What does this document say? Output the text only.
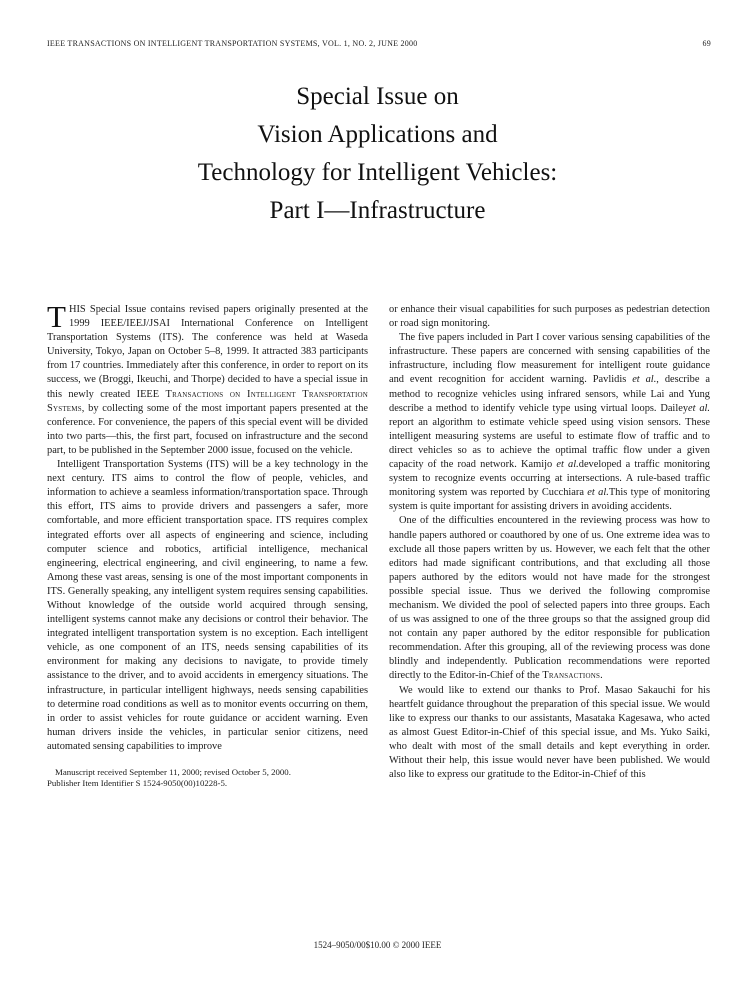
IEEE TRANSACTIONS ON INTELLIGENT TRANSPORTATION SYSTEMS, VOL. 1, NO. 2, JUNE 2000	69
Special Issue on
Vision Applications and
Technology for Intelligent Vehicles:
Part I—Infrastructure

THIS Special Issue contains revised papers originally presented at the 1999 IEEE/IEEJ/JSAI International Conference on Intelligent Transportation Systems (ITS). The conference was held at Waseda University, Tokyo, Japan on October 5–8, 1999. It attracted 383 participants from 17 countries. Immediately after this conference, in order to report on its success, we (Broggi, Ikeuchi, and Thorpe) decided to have a special issue in this newly created IEEE Transactions on Intelligent Transportation Systems, by collecting some of the most important papers presented at the conference. For convenience, the papers of this special event will be divided into two parts—this, the first part, focused on infrastructure and the second part, to be published in the September 2000 issue, focused on the vehicle.

Intelligent Transportation Systems (ITS) will be a key technology in the next century. ITS aims to control the flow of people, vehicles, and information to achieve a seamless information/transportation space. Through this effort, ITS aims to provide drivers and passengers a safer, more comfortable, and more efficient transportation space. ITS requires complex integrated efforts over all aspects of engineering and science, including computer science and robotics, artificial intelligence, mechanical engineering, electrical engineering, and civil engineering, to name a few. Among these vast areas, sensing is one of the most important components in ITS. Generally speaking, any intelligent system requires sensing capabilities. Without knowledge of the outside world acquired through sensing, intelligent systems cannot make any decisions or control their behavior. The integrated intelligent transportation system is no exception. Each intelligent vehicle, as one component of an ITS, needs sensing capabilities of its environment for making any decisions to navigate, to provide timely assistance to the driver, and to avoid accidents in emergency situations. The infrastructure, in particular intelligent highways, needs sensing capabilities to determine road conditions as well as to monitor events occurring on them, in order to assist vehicles for route guidance or accident warning. Even human drivers inside the vehicles, in particular senior citizens, need automated sensing capabilities to improve

Manuscript received September 11, 2000; revised October 5, 2000.
Publisher Item Identifier S 1524-9050(00)10228-5.

or enhance their visual capabilities for such purposes as pedestrian detection or road sign monitoring.

The five papers included in Part I cover various sensing capabilities of the infrastructure. These papers are concerned with sensing capabilities of the infrastructure, including flow measurement for intelligent route guidance and event recognition for accident warning. Pavlidis et al., describe a method to recognize vehicles using infrared sensors, while Lai and Yung describe a method to identify vehicle type using virtual loops. Daileyet al. report an algorithm to estimate vehicle speed using vision sensors. These intelligent measuring systems are useful to estimate flow of traffic and to direct vehicles so as to achieve the optimal traffic flow under a given capacity of the road network. Kamijo et al.developed a traffic monitoring system to recognize events occurring at intersections. A rule-based traffic monitoring system was reported by Cucchiara et al.This type of monitoring system is quite important for assisting drivers in avoiding accidents.

One of the difficulties encountered in the reviewing process was how to handle papers authored or coauthored by one of us. One extreme idea was to exclude all those papers written by us. However, we each felt that the other editors had made significant contributions, and that excluding all those papers authored by the editors would not have made for the strongest possible special issue. Thus we derived the following compromise mechanism. We divided the pool of selected papers into three groups. Each of us was assigned to one of the three groups so that the assigned group did not contain any paper authored by the editor responsible for publication recommendation. After this grouping, all of the reviewing process was done blindly and independently. Publication recommendations were reported directly to the Editor-in-Chief of the Transactions.

We would like to extend our thanks to Prof. Masao Sakauchi for his heartfelt guidance throughout the preparation of this special issue. We would like to express our thanks to our assistants, Masataka Kagesawa, who acted as almost Guest Editor-in-Chief of this special issue, and Ms. Yuko Saiki, who dealt with most of the small details and kept everything in order. Without their help, this issue would never have been published. We would also like to express our gratitude to the Editor-in-Chief of this

1524–9050/00$10.00 © 2000 IEEE
